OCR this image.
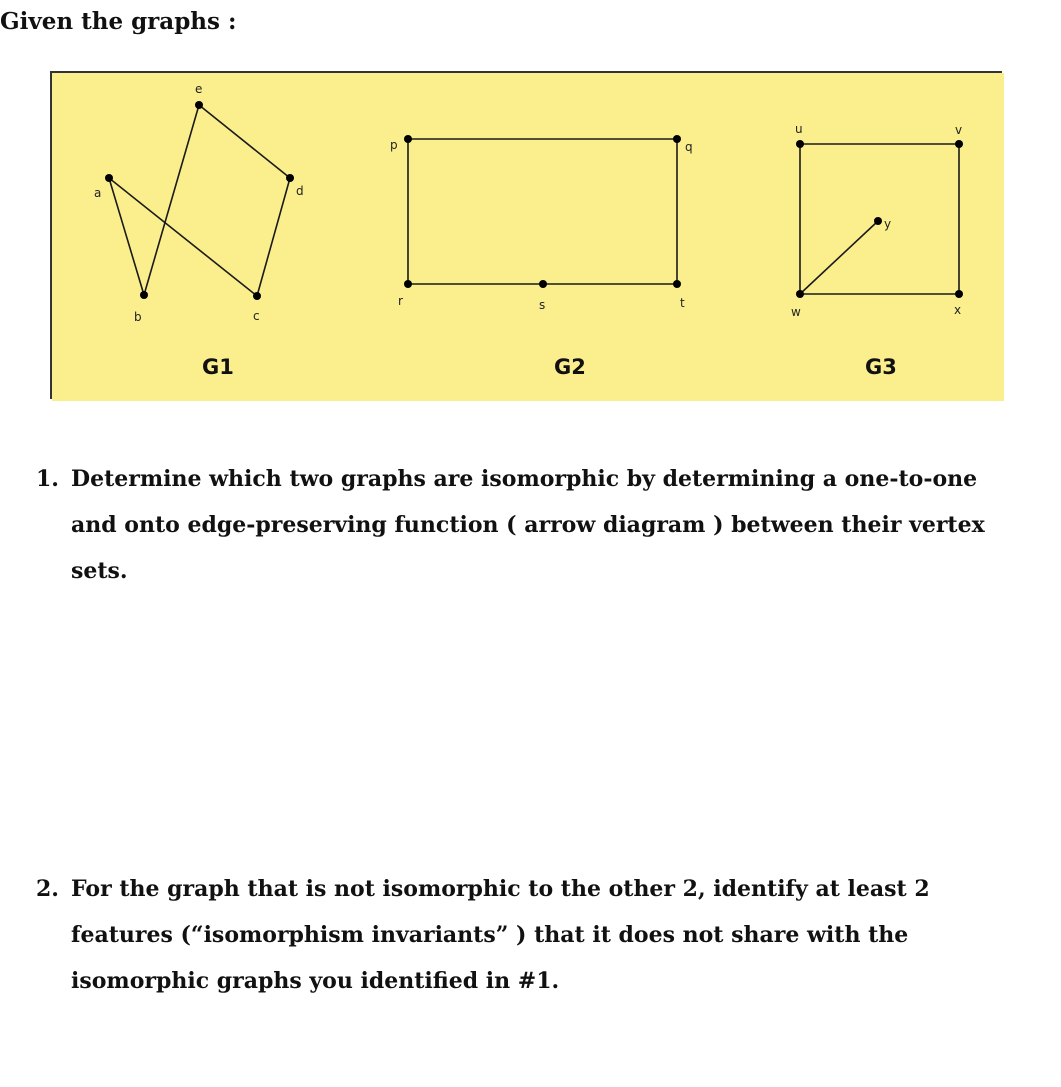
Given the graphs :
a
b	c
d
e
G1
p	q
r	s	t
G2
u	v
w	x
y
G3
1. Determine which two graphs are isomorphic by determining a one-to-one and onto edge-preserving function ( arrow diagram ) between their vertex sets.
2. For the graph that is not isomorphic to the other 2, identify at least 2 features (“isomorphism invariants” ) that it does not share with the isomorphic graphs you identified in #1.
